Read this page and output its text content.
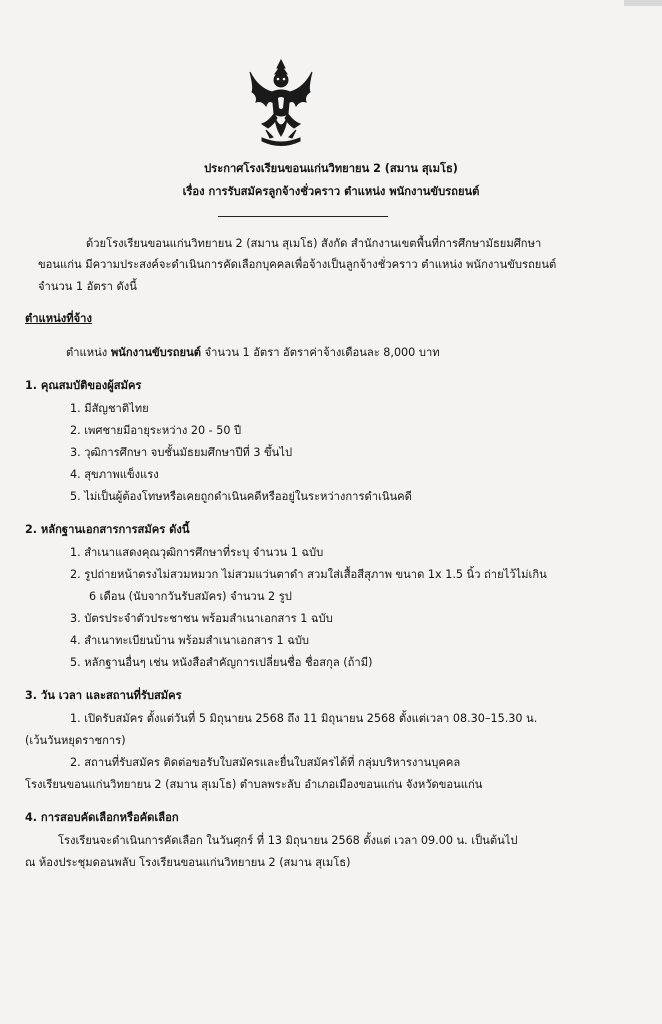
ประกาศโรงเรียนขอนแก่นวิทยายน 2 (สมาน สุเมโธ)
เรื่อง การรับสมัครลูกจ้างชั่วคราว ตำแหน่ง พนักงานขับรถยนต์
ด้วยโรงเรียนขอนแก่นวิทยายน 2 (สมาน สุเมโธ) สังกัด สำนักงานเขตพื้นที่การศึกษามัธยมศึกษา
ขอนแก่น มีความประสงค์จะดำเนินการคัดเลือกบุคคลเพื่อจ้างเป็นลูกจ้างชั่วคราว ตำแหน่ง พนักงานขับรถยนต์
จำนวน 1 อัตรา ดังนี้
ตำแหน่งที่จ้าง
ตำแหน่ง พนักงานขับรถยนต์ จำนวน 1 อัตรา อัตราค่าจ้างเดือนละ 8,000 บาท
1. คุณสมบัติของผู้สมัคร
1. มีสัญชาติไทย
2. เพศชายมีอายุระหว่าง 20 - 50 ปี
3. วุฒิการศึกษา จบชั้นมัธยมศึกษาปีที่ 3 ขึ้นไป
4. สุขภาพแข็งแรง
5. ไม่เป็นผู้ต้องโทษหรือเคยถูกดำเนินคดีหรืออยู่ในระหว่างการดำเนินคดี
2. หลักฐานเอกสารการสมัคร ดังนี้
1. สำเนาแสดงคุณวุฒิการศึกษาที่ระบุ จำนวน 1 ฉบับ
2. รูปถ่ายหน้าตรงไม่สวมหมวก ไม่สวมแว่นตาดำ สวมใส่เสื้อสีสุภาพ ขนาด 1x 1.5 นิ้ว ถ่ายไว้ไม่เกิน
6 เดือน (นับจากวันรับสมัคร) จำนวน 2 รูป
3. บัตรประจำตัวประชาชน พร้อมสำเนาเอกสาร 1 ฉบับ
4. สำเนาทะเบียนบ้าน พร้อมสำเนาเอกสาร 1 ฉบับ
5. หลักฐานอื่นๆ เช่น หนังสือสำคัญการเปลี่ยนชื่อ ชื่อสกุล (ถ้ามี)
3. วัน เวลา และสถานที่รับสมัคร
1. เปิดรับสมัคร ตั้งแต่วันที่ 5 มิถุนายน 2568 ถึง 11 มิถุนายน 2568 ตั้งแต่เวลา 08.30–15.30 น.
(เว้นวันหยุดราชการ)
2. สถานที่รับสมัคร ติดต่อขอรับใบสมัครและยื่นใบสมัครได้ที่ กลุ่มบริหารงานบุคคล
โรงเรียนขอนแก่นวิทยายน 2 (สมาน สุเมโธ) ตำบลพระลับ อำเภอเมืองขอนแก่น จังหวัดขอนแก่น
4. การสอบคัดเลือกหรือคัดเลือก
โรงเรียนจะดำเนินการคัดเลือก ในวันศุกร์ ที่ 13 มิถุนายน 2568 ตั้งแต่ เวลา 09.00 น. เป็นต้นไป
ณ ห้องประชุมดอนพลับ โรงเรียนขอนแก่นวิทยายน 2 (สมาน สุเมโธ)
